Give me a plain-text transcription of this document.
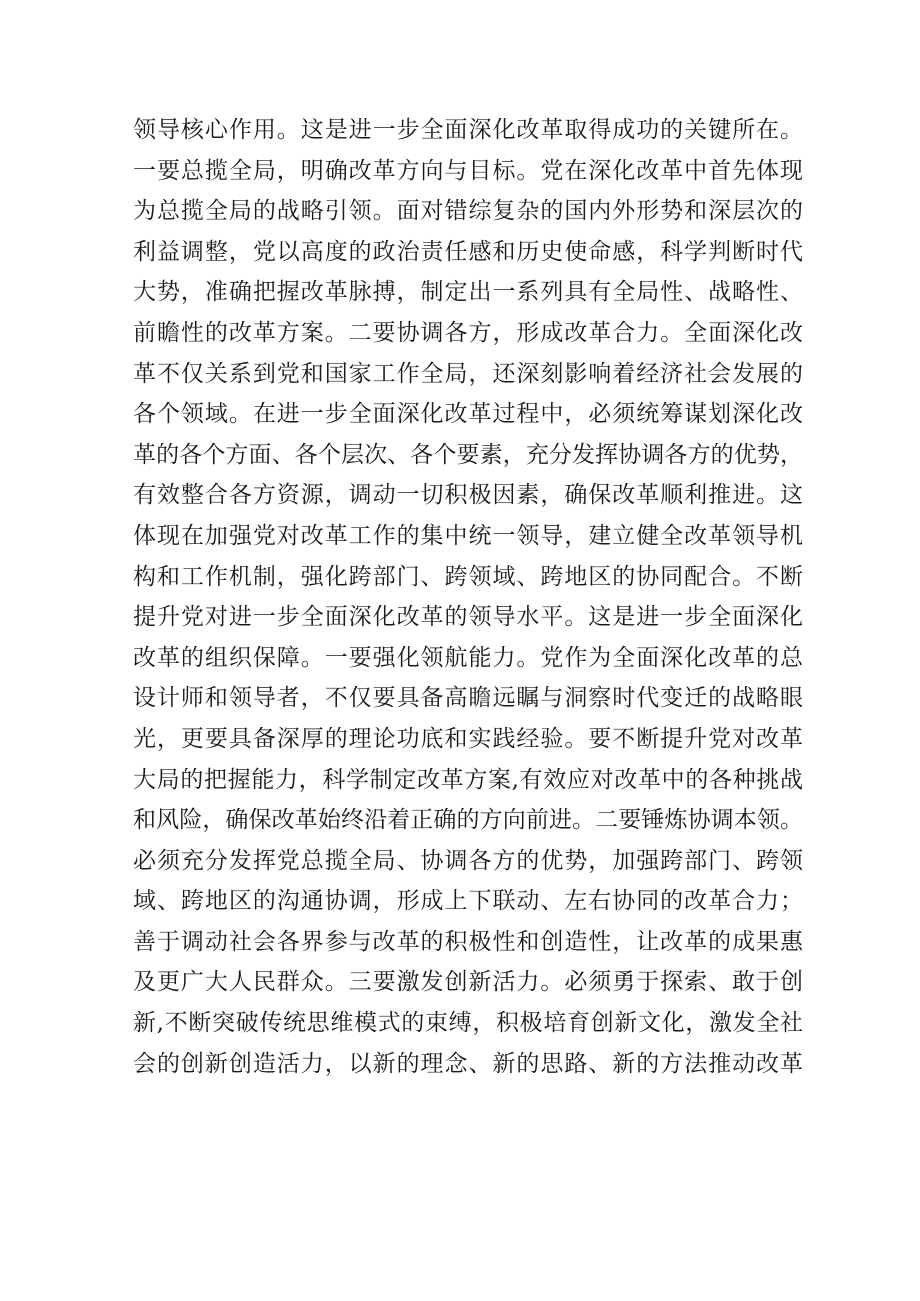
领导核心作用。这是进一步全面深化改革取得成功的关键所在。
一要总揽全局，明确改革方向与目标。党在深化改革中首先体现
为总揽全局的战略引领。面对错综复杂的国内外形势和深层次的
利益调整，党以高度的政治责任感和历史使命感，科学判断时代
大势，准确把握改革脉搏，制定出一系列具有全局性、战略性、
前瞻性的改革方案。二要协调各方，形成改革合力。全面深化改
革不仅关系到党和国家工作全局，还深刻影响着经济社会发展的
各个领域。在进一步全面深化改革过程中，必须统筹谋划深化改
革的各个方面、各个层次、各个要素，充分发挥协调各方的优势，
有效整合各方资源，调动一切积极因素，确保改革顺利推进。这
体现在加强党对改革工作的集中统一领导，建立健全改革领导机
构和工作机制，强化跨部门、跨领域、跨地区的协同配合。不断
提升党对进一步全面深化改革的领导水平。这是进一步全面深化
改革的组织保障。一要强化领航能力。党作为全面深化改革的总
设计师和领导者，不仅要具备高瞻远瞩与洞察时代变迁的战略眼
光，更要具备深厚的理论功底和实践经验。要不断提升党对改革
大局的把握能力，科学制定改革方案,有效应对改革中的各种挑战
和风险，确保改革始终沿着正确的方向前进。二要锤炼协调本领。
必须充分发挥党总揽全局、协调各方的优势，加强跨部门、跨领
域、跨地区的沟通协调，形成上下联动、左右协同的改革合力；
善于调动社会各界参与改革的积极性和创造性，让改革的成果惠
及更广大人民群众。三要激发创新活力。必须勇于探索、敢于创
新,不断突破传统思维模式的束缚，积极培育创新文化，激发全社
会的创新创造活力，以新的理念、新的思路、新的方法推动改革
